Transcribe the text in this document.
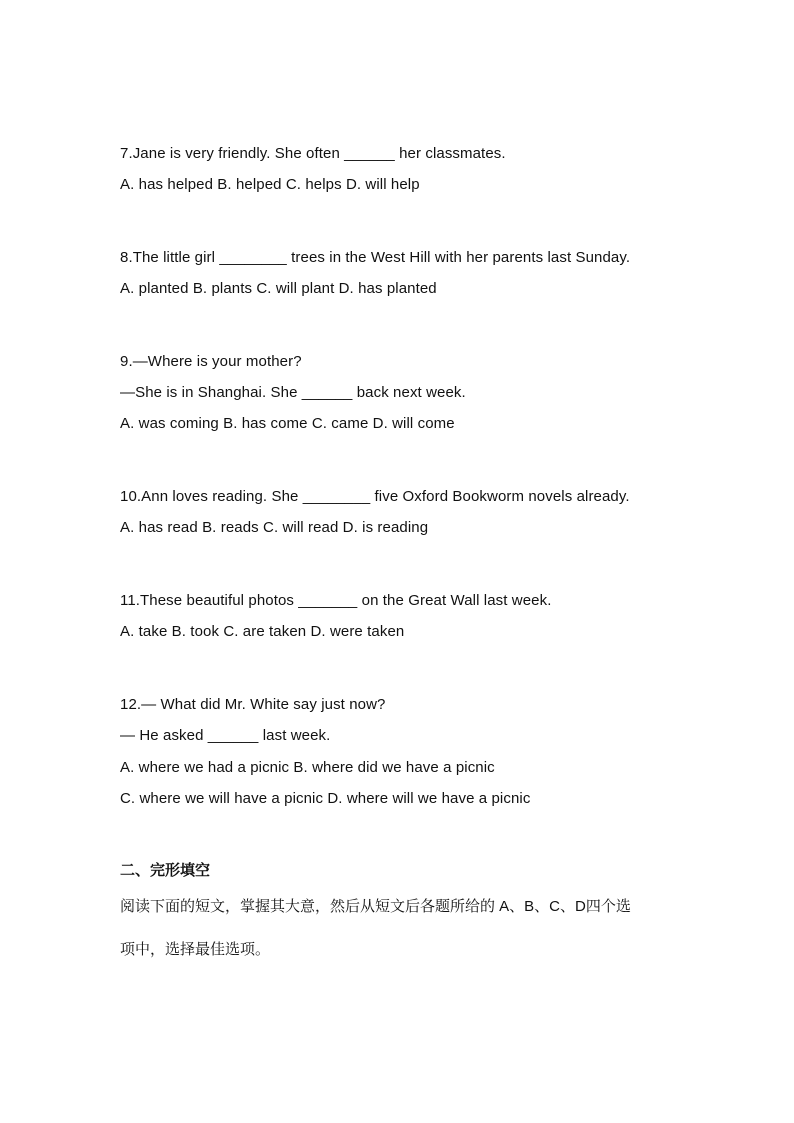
7.Jane is very friendly. She often ______ her classmates.
A. has helped B. helped C. helps D. will help
8.The little girl ________ trees in the West Hill with her parents last Sunday.
A. planted B. plants C. will plant D. has planted
9.—Where is your mother?
—She is in Shanghai. She ______ back next week.
A. was coming B. has come C. came D. will come
10.Ann loves reading. She ________ five Oxford Bookworm novels already.
A. has read B. reads C. will read D. is reading
11.These beautiful photos _______ on the Great Wall last week.
A. take B. took C. are taken D. were taken
12.— What did Mr. White say just now?
— He asked ______ last week.
A. where we had a picnic B. where did we have a picnic
C. where we will have a picnic D. where will we have a picnic
二、完形填空
阅读下面的短文，掌握其大意，然后从短文后各题所给的 A、B、C、D四个选
项中，选择最佳选项。
